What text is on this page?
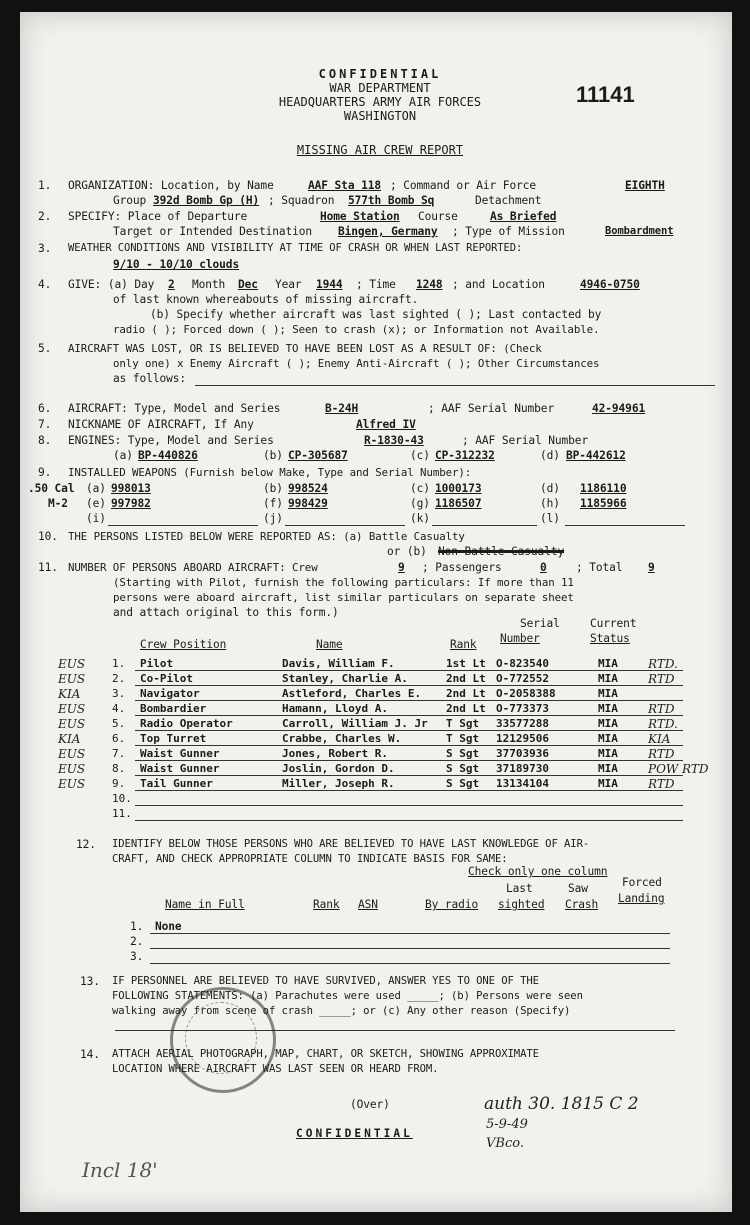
CONFIDENTIAL
WAR DEPARTMENT
HEADQUARTERS ARMY AIR FORCES
WASHINGTON
11141
MISSING AIR CREW REPORT
1. ORGANIZATION: Location, by Name	AAF Sta 118 ; Command or Air Force	EIGHTH
Group 392d Bomb Gp (H) ; Squadron 577th Bomb Sq	Detachment
2. SPECIFY: Place of Departure	Home Station Course	As Briefed
Target or Intended Destination Bingen, Germany ; Type of Mission	Bombardment
3. WEATHER CONDITIONS AND VISIBILITY AT TIME OF CRASH OR WHEN LAST REPORTED:
9/10 - 10/10 clouds
4. GIVE: (a) Day 2 Month Dec Year 1944 ; Time 1248 ; and Location	4946-0750
of last known whereabouts of missing aircraft.
(b) Specify whether aircraft was last sighted ( ); Last contacted by
radio ( ); Forced down ( ); Seen to crash (x); or Information not Available.
5. AIRCRAFT WAS LOST, OR IS BELIEVED TO HAVE BEEN LOST AS A RESULT OF: (Check
only one) x Enemy Aircraft ( ); Enemy Anti-Aircraft ( ); Other Circumstances
as follows:
6. AIRCRAFT: Type, Model and Series	B-24H	; AAF Serial Number	42-94961
7. NICKNAME OF AIRCRAFT, If Any	Alfred IV
8. ENGINES: Type, Model and Series	R-1830-43	; AAF Serial Number
(a) BP-440826	(b) CP-305687	(c) CP-312232	(d) BP-442612
9. INSTALLED WEAPONS (Furnish below Make, Type and Serial Number):
.50 Cal
M-2
(a) 998013	(b) 998524	(c) 1000173	(d) 1186110
(e) 997982	(f) 998429	(g) 1186507	(h) 1185966
(i)	(j)	(k)	(l)
10. THE PERSONS LISTED BELOW WERE REPORTED AS: (a) Battle Casualty
or (b) Non-Battle Casualty
11. NUMBER OF PERSONS ABOARD AIRCRAFT: Crew	9 ; Passengers	0	; Total 9
(Starting with Pilot, furnish the following particulars: If more than 11
persons were aboard aircraft, list similar particulars on separate sheet
and attach original to this form.)
Crew Position	Name	Rank
Serial
Number
Current
Status
EUS 1. Pilot	Davis, William F.	1st Lt O-823540	MIA	RTD.
EUS 2. Co-Pilot	Stanley, Charlie A.	2nd Lt O-772552	MIA	RTD
KIA	3. Navigator	Astleford, Charles E. 2nd Lt O-2058388	MIA
EUS 4. Bombardier	Hamann, Lloyd A.	2nd Lt O-773373	MIA	RTD
EUS 5. Radio Operator	Carroll, William J. Jr T Sgt 33577288	MIA	RTD.
KIA	6. Top Turret	Crabbe, Charles W.	T Sgt 12129506	MIA	KIA
EUS 7. Waist Gunner	Jones, Robert R.	S Sgt 37703936	MIA	RTD
EUS 8. Waist Gunner	Joslin, Gordon D.	S Sgt 37189730	MIA	POW RTD
EUS 9. Tail Gunner	Miller, Joseph R.	S Sgt 13134104	MIA	RTD
10.
11.
12. IDENTIFY BELOW THOSE PERSONS WHO ARE BELIEVED TO HAVE LAST KNOWLEDGE OF AIR-
CRAFT, AND CHECK APPROPRIATE COLUMN TO INDICATE BASIS FOR SAME:
Check only one column
Name in Full	Rank ASN	By radio
Last
sighted
Saw
Crash
Forced
Landing
1. None
2.
3.
13. IF PERSONNEL ARE BELIEVED TO HAVE SURVIVED, ANSWER YES TO ONE OF THE
FOLLOWING STATEMENTS: (a) Parachutes were used _____; (b) Persons were seen
walking away from scene of crash _____; or (c) Any other reason (Specify)
14. ATTACH AERIAL PHOTOGRAPH, MAP, CHART, OR SKETCH, SHOWING APPROXIMATE
LOCATION WHERE AIRCRAFT WAS LAST SEEN OR HEARD FROM.
(Over)
CONFIDENTIAL
auth 30. 1815 C 2
5-9-49
VBco.
Incl 18'
